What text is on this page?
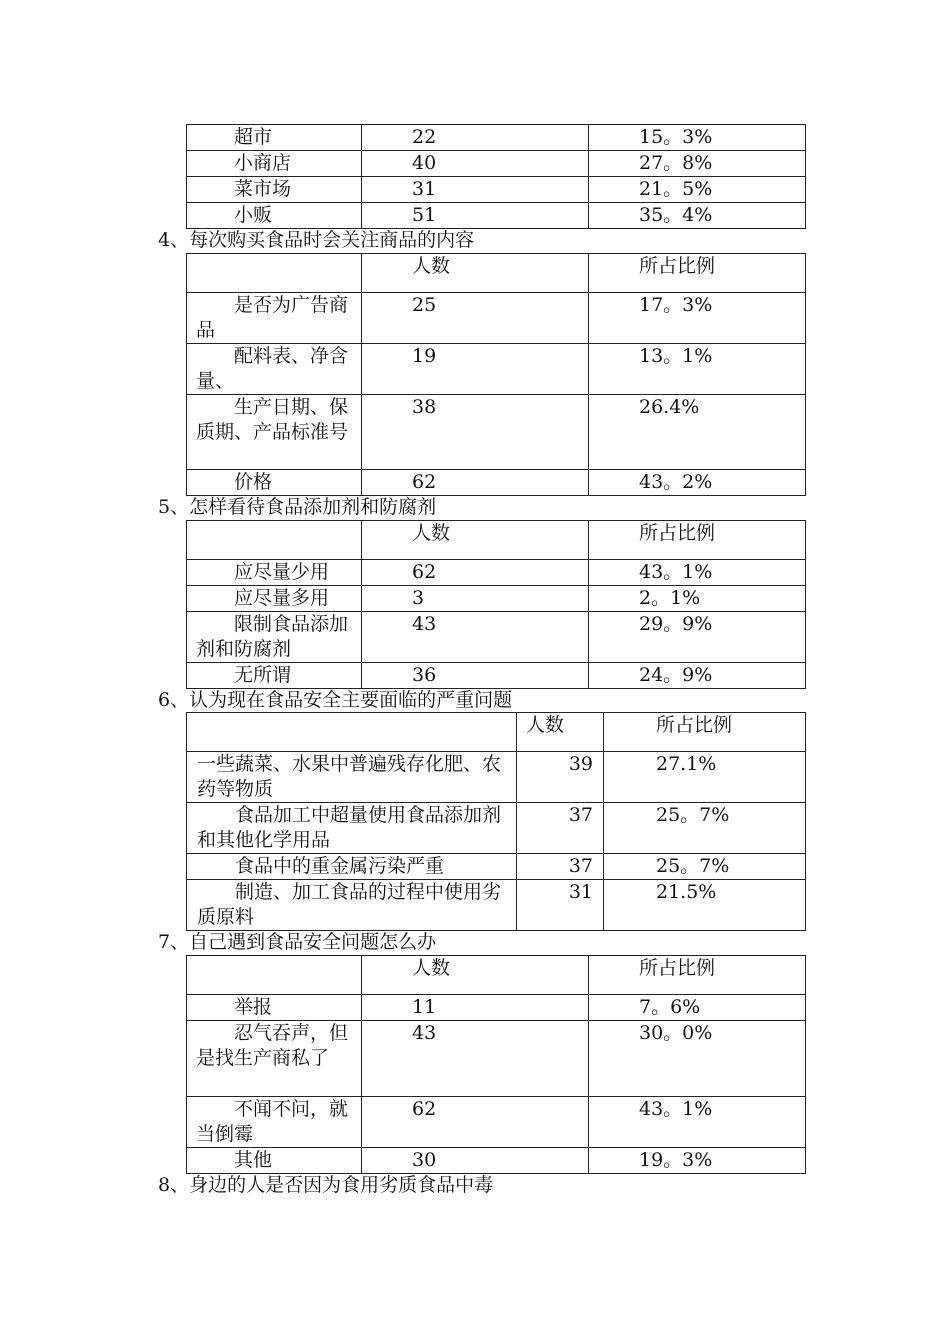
超市	22	15。3%
小商店	40	27。8%
菜市场	31	21。5%
小贩	51	35。4%
4、每次购买食品时会关注商品的内容
	人数	所占比例
是否为广告商品	25	17。3%
配料表、净含量、	19	13。1%
生产日期、保质期、产品标准号	38	26.4%
价格	62	43。2%
5、怎样看待食品添加剂和防腐剂
	人数	所占比例
应尽量少用	62	43。1%
应尽量多用	3	2。1%
限制食品添加剂和防腐剂	43	29。9%
无所谓	36	24。9%
6、认为现在食品安全主要面临的严重问题
	人数	所占比例
一些蔬菜、水果中普遍残存化肥、农药等物质	39	27.1%
食品加工中超量使用食品添加剂和其他化学用品	37	25。7%
食品中的重金属污染严重	37	25。7%
制造、加工食品的过程中使用劣质原料	31	21.5%
7、自己遇到食品安全问题怎么办
	人数	所占比例
举报	11	7。6%
忍气吞声，但是找生产商私了	43	30。0%
不闻不问，就当倒霉	62	43。1%
其他	30	19。3%
8、身边的人是否因为食用劣质食品中毒
